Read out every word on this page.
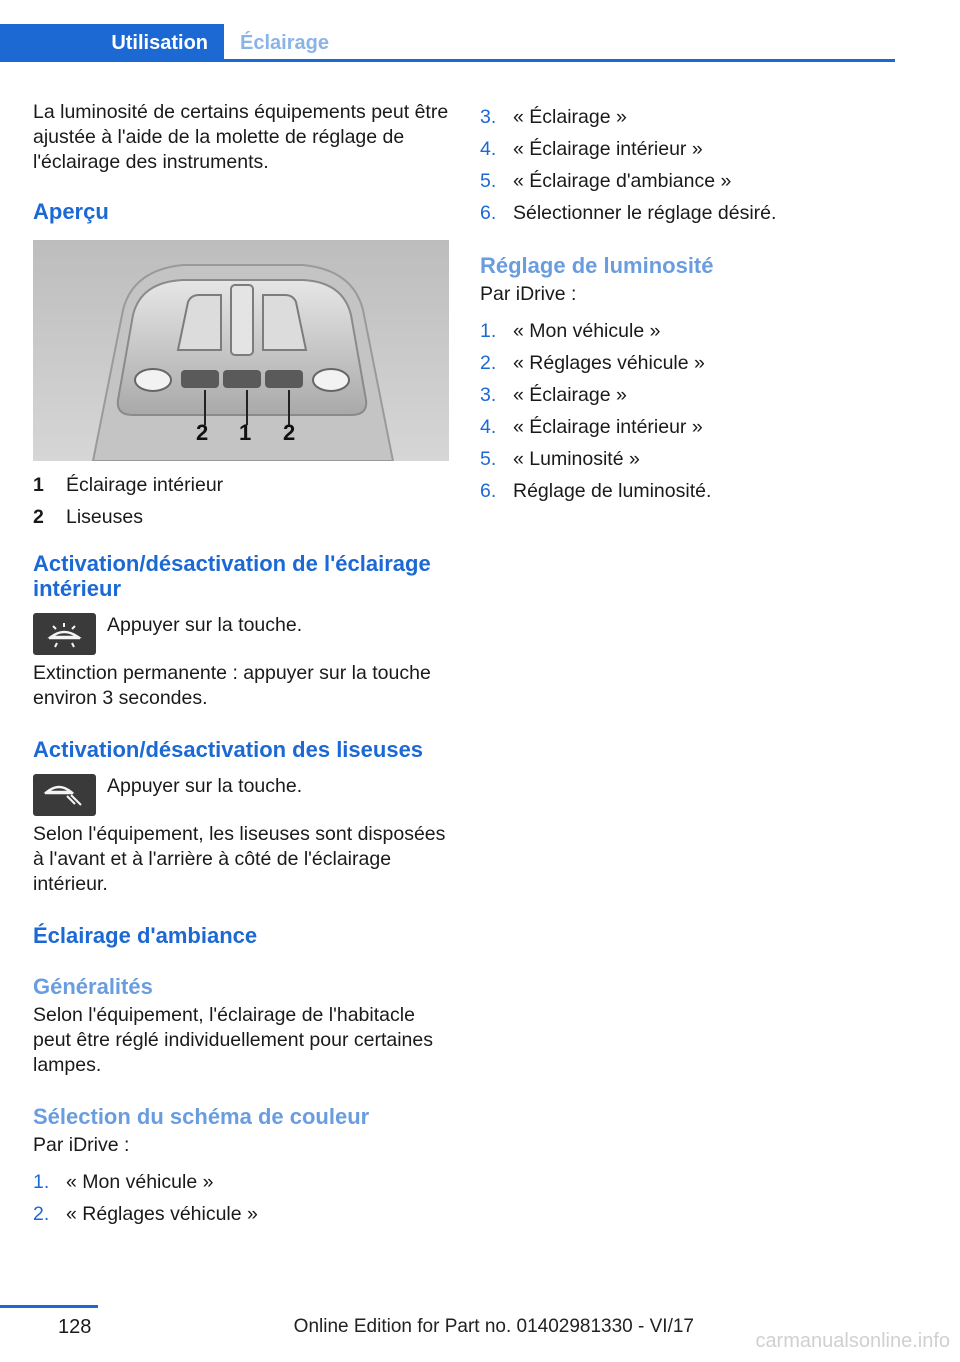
Utilisation	Éclairage

La luminosité de certains équipements peut être ajustée à l'aide de la molette de réglage de l'éclairage des instruments.

Aperçu
2 1 2
1 Éclairage intérieur
2 Liseuses
Activation/désactivation de l'éclairage intérieur

Appuyer sur la touche.

Extinction permanente : appuyer sur la touche environ 3 secondes.

Activation/désactivation des liseuses

Appuyer sur la touche.

Selon l'équipement, les liseuses sont disposées à l'avant et à l'arrière à côté de l'éclairage intérieur.

Éclairage d'ambiance
Généralités

Selon l'équipement, l'éclairage de l'habitacle peut être réglé individuellement pour certaines lampes.

Sélection du schéma de couleur

Par iDrive :

1. « Mon véhicule »
2. « Réglages véhicule »
3. « Éclairage »
4. « Éclairage intérieur »
5. « Éclairage d'ambiance »
6. Sélectionner le réglage désiré.
Réglage de luminosité

Par iDrive :

1. « Mon véhicule »
2. « Réglages véhicule »
3. « Éclairage »
4. « Éclairage intérieur »
5. « Luminosité »
6. Réglage de luminosité.
128	Online Edition for Part no. 01402981330 - VI/17
carmanualsonline.info
